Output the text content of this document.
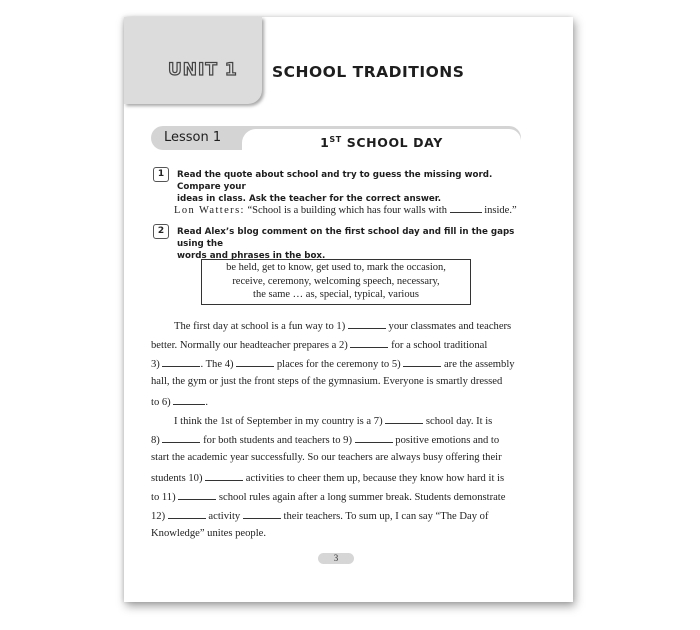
UNIT 1 SCHOOL TRADITIONS
Lesson 1	1ST SCHOOL DAY
1	Read the quote about school and try to guess the missing word. Compare your
ideas in class. Ask the teacher for the correct answer.
Lon Watters: “School is a building which has four walls with	inside.”
2	Read Alex’s blog comment on the first school day and fill in the gaps using the
words and phrases in the box.
be held, get to know, get used to, mark the occasion,
receive, ceremony, welcoming speech, necessary,
the same … as, special, typical, various
The first day at school is a fun way to 1)	your classmates and teachers
better. Normally our headteacher prepares a 2)	for a school traditional
3)	. The 4)	places for the ceremony to 5)	are the assembly
hall, the gym or just the front steps of the gymnasium. Everyone is smartly dressed
to 6)	.
I think the 1st of September in my country is a 7)	school day. It is
8)	for both students and teachers to 9)	positive emotions and to
start the academic year successfully. So our teachers are always busy offering their
students 10)	activities to cheer them up, because they know how hard it is
to 11)	school rules again after a long summer break. Students demonstrate
12)	activity	their teachers. To sum up, I can say “The Day of
Knowledge” unites people.
3
